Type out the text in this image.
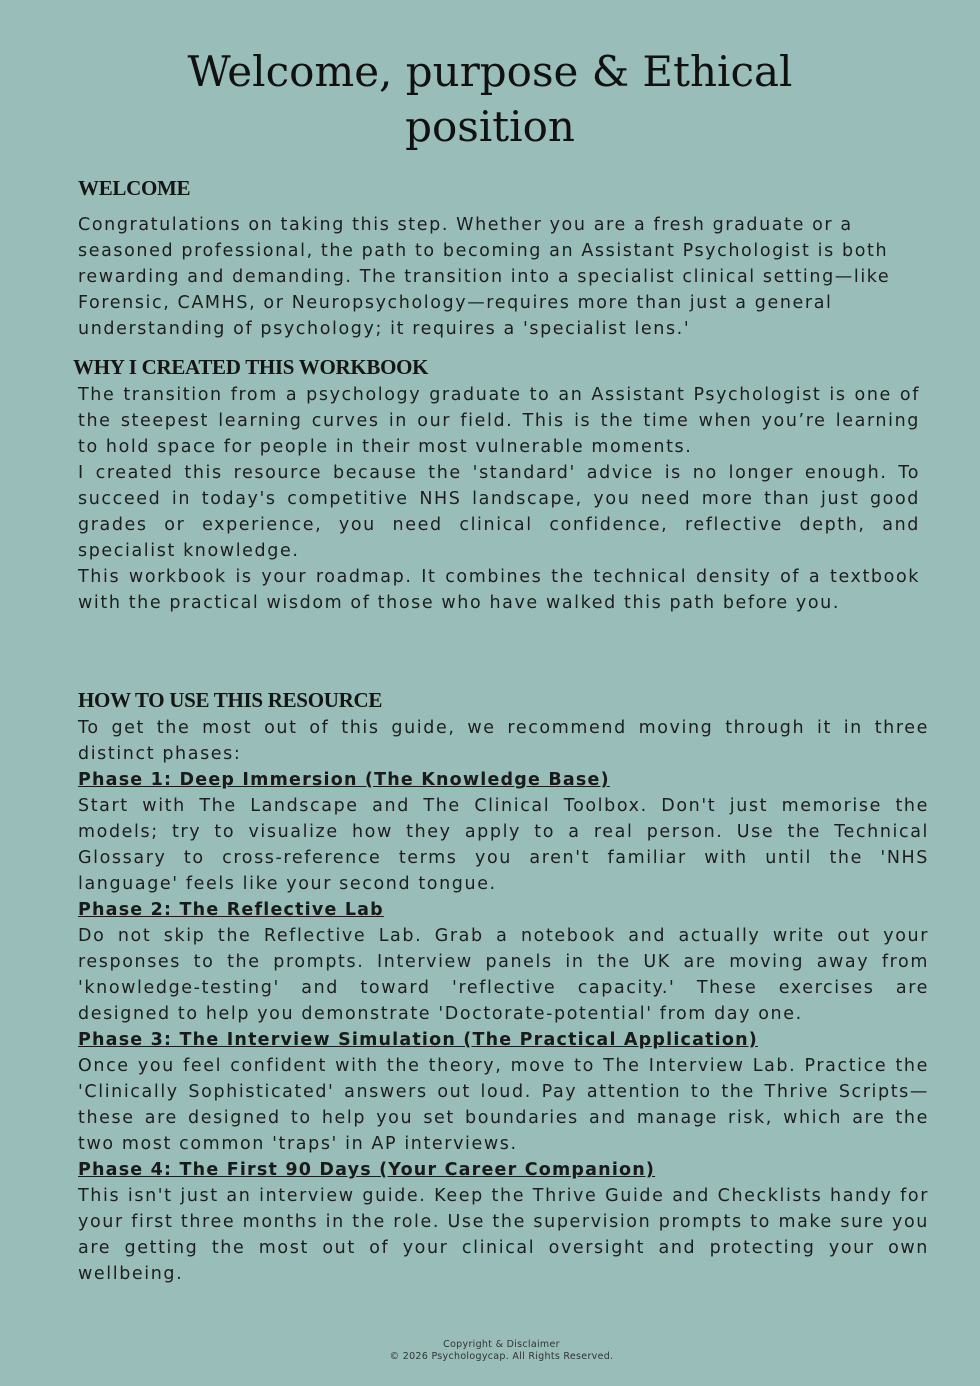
Welcome, purpose & Ethical
position
WELCOME

Congratulations on taking this step. Whether you are a fresh graduate or a seasoned professional, the path to becoming an Assistant Psychologist is both rewarding and demanding. The transition into a specialist clinical setting—like Forensic, CAMHS, or Neuropsychology—requires more than just a general understanding of psychology; it requires a 'specialist lens.'

WHY I CREATED THIS WORKBOOK
The transition from a psychology graduate to an Assistant Psychologist is one of the steepest learning curves in our field. This is the time when you’re learning to hold space for people in their most vulnerable moments.
I created this resource because the 'standard' advice is no longer enough. To succeed in today's competitive NHS landscape, you need more than just good grades or experience, you need clinical confidence, reflective depth, and specialist knowledge.
This workbook is your roadmap. It combines the technical density of a textbook with the practical wisdom of those who have walked this path before you.
HOW TO USE THIS RESOURCE
To get the most out of this guide, we recommend moving through it in three distinct phases:
Phase 1: Deep Immersion (The Knowledge Base)
Start with The Landscape and The Clinical Toolbox. Don't just memorise the models; try to visualize how they apply to a real person. Use the Technical Glossary to cross-reference terms you aren't familiar with until the 'NHS language' feels like your second tongue.
Phase 2: The Reflective Lab
Do not skip the Reflective Lab. Grab a notebook and actually write out your responses to the prompts. Interview panels in the UK are moving away from 'knowledge-testing' and toward 'reflective capacity.' These exercises are designed to help you demonstrate 'Doctorate-potential' from day one.
Phase 3: The Interview Simulation (The Practical Application)
Once you feel confident with the theory, move to The Interview Lab. Practice the 'Clinically Sophisticated' answers out loud. Pay attention to the Thrive Scripts—these are designed to help you set boundaries and manage risk, which are the two most common 'traps' in AP interviews.
Phase 4: The First 90 Days (Your Career Companion)
This isn't just an interview guide. Keep the Thrive Guide and Checklists handy for your first three months in the role. Use the supervision prompts to make sure you are getting the most out of your clinical oversight and protecting your own wellbeing.
Copyright & Disclaimer
© 2026 Psychologycap. All Rights Reserved.
